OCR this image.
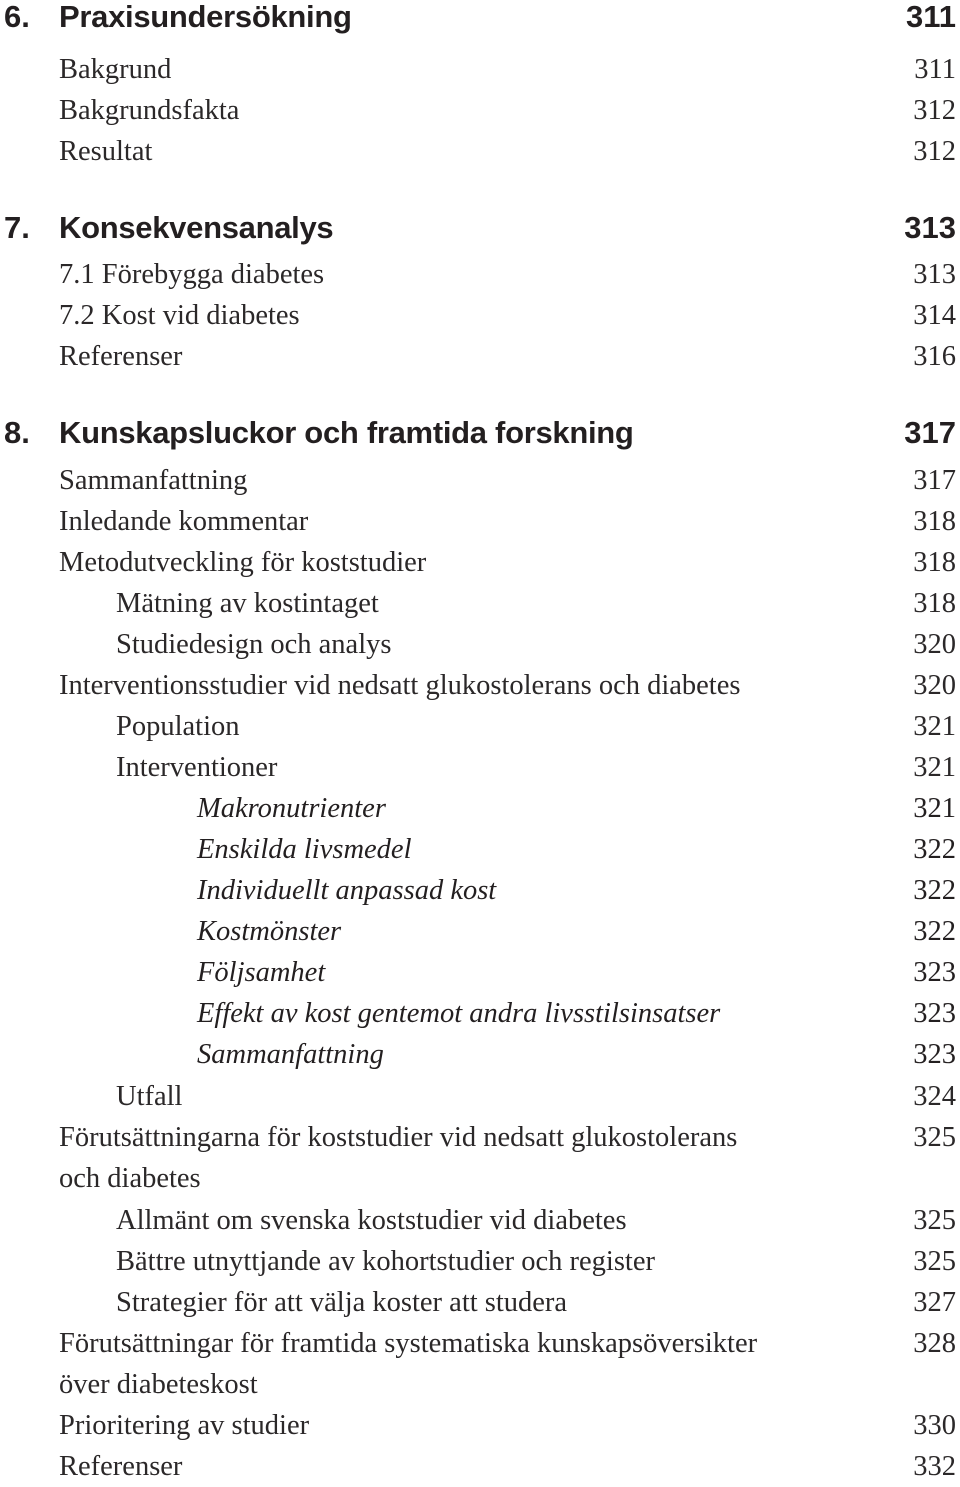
6. Praxisundersökning	311
Bakgrund	311
Bakgrundsfakta	312
Resultat	312
7. Konsekvensanalys	313
7.1 Förebygga diabetes	313
7.2 Kost vid diabetes	314
Referenser	316
8. Kunskapsluckor och framtida forskning	317
Sammanfattning	317
Inledande kommentar	318
Metodutveckling för koststudier	318
Mätning av kostintaget	318
Studiedesign och analys	320
Interventionsstudier vid nedsatt glukostolerans och diabetes	320
Population	321
Interventioner	321
Makronutrienter	321
Enskilda livsmedel	322
Individuellt anpassad kost	322
Kostmönster	322
Följsamhet	323
Effekt av kost gentemot andra livsstilsinsatser	323
Sammanfattning	323
Utfall	324
Förutsättningarna för koststudier vid nedsatt glukostolerans	325
och diabetes
Allmänt om svenska koststudier vid diabetes	325
Bättre utnyttjande av kohortstudier och register	325
Strategier för att välja koster att studera	327
Förutsättningar för framtida systematiska kunskapsöversikter	328
över diabeteskost
Prioritering av studier	330
Referenser	332
